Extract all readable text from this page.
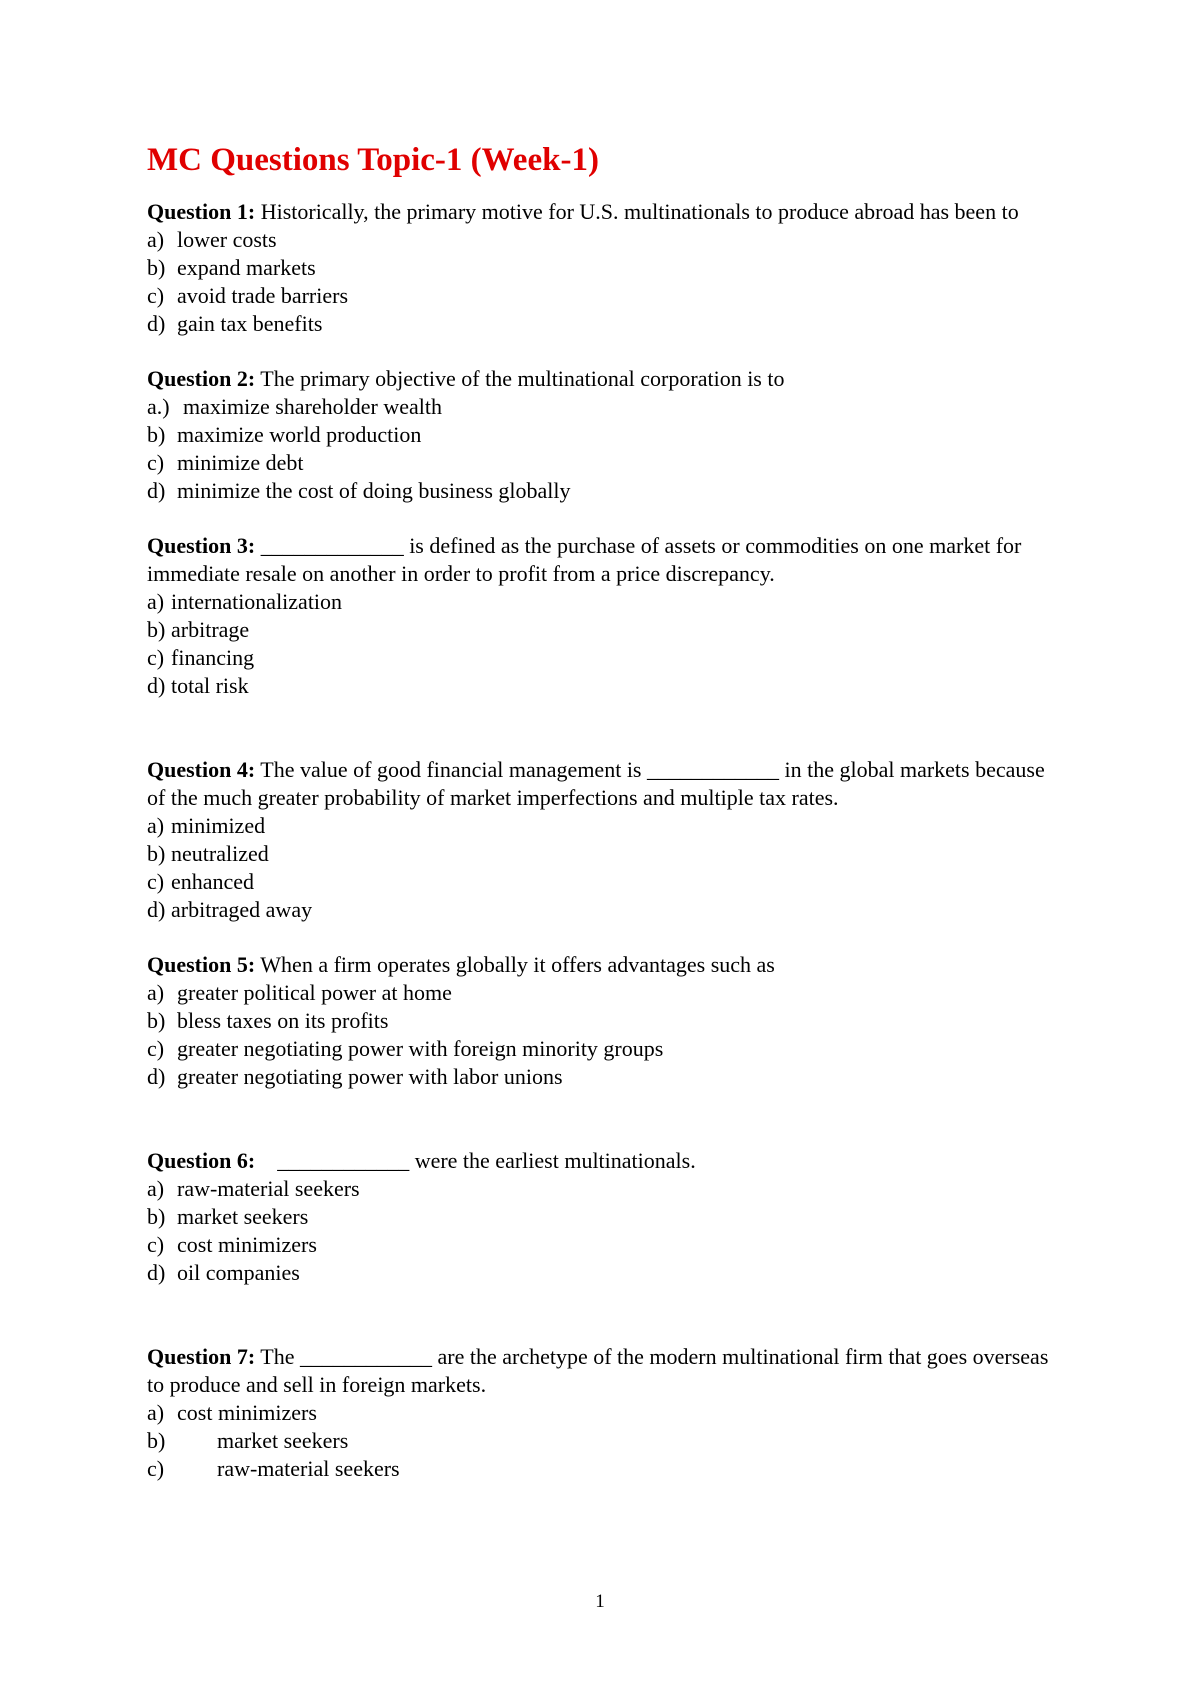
MC Questions Topic-1 (Week-1)

Question 1: Historically, the primary motive for U.S. multinationals to produce abroad has been to

a) lower costs
b) expand markets
c) avoid trade barriers
d) gain tax benefits

Question 2: The primary objective of the multinational corporation is to

a.) maximize shareholder wealth
b) maximize world production
c) minimize debt
d) minimize the cost of doing business globally

Question 3: _____________ is defined as the purchase of assets or commodities on one market for immediate resale on another in order to profit from a price discrepancy.

a) internationalization
b) arbitrage
c) financing
d) total risk

Question 4: The value of good financial management is ____________ in the global markets because of the much greater probability of market imperfections and multiple tax rates.

a) minimized
b) neutralized
c) enhanced
d) arbitraged away

Question 5: When a firm operates globally it offers advantages such as

a) greater political power at home
b) bless taxes on its profits
c) greater negotiating power with foreign minority groups
d) greater negotiating power with labor unions

Question 6:    ____________ were the earliest multinationals.

a) raw-material seekers
b) market seekers
c) cost minimizers
d) oil companies

Question 7: The ____________ are the archetype of the modern multinational firm that goes overseas to produce and sell in foreign markets.

a) cost minimizers
b) market seekers
c) raw-material seekers
1
